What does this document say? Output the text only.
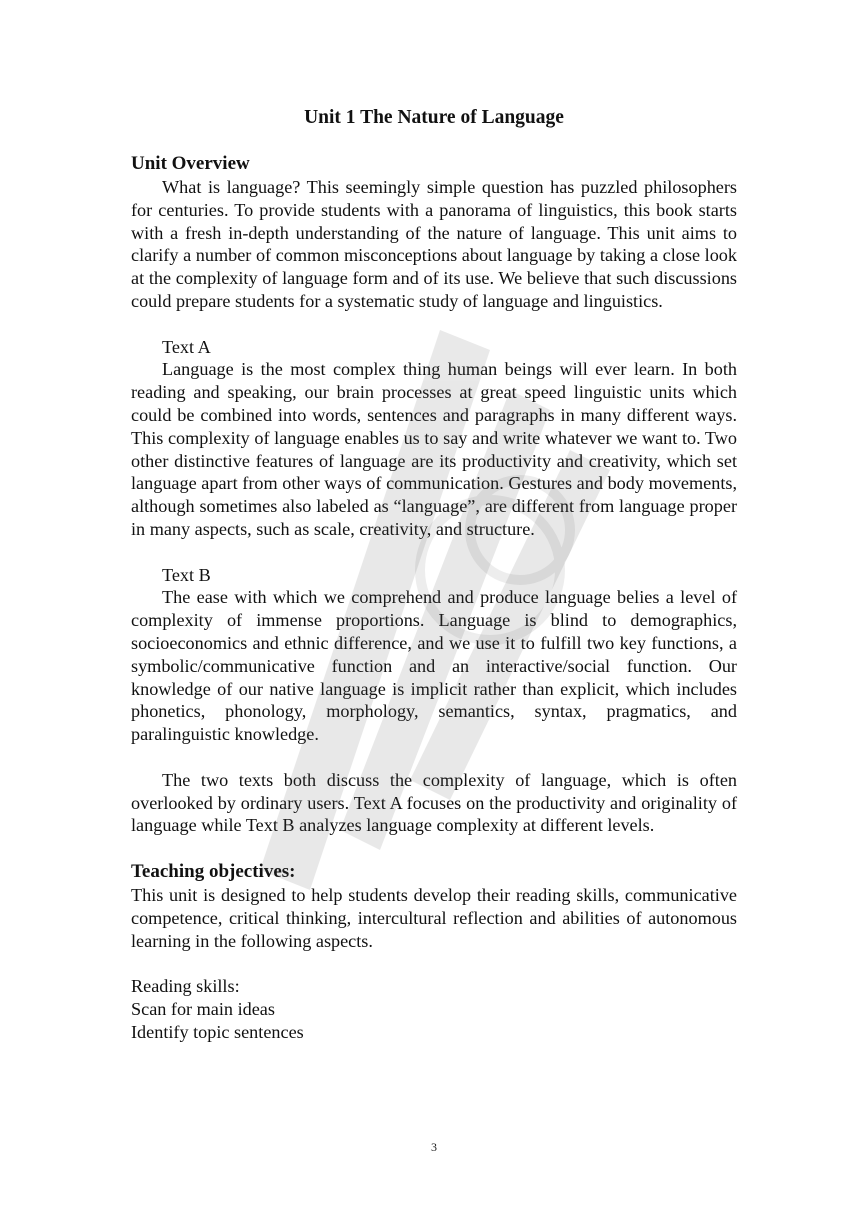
Unit 1 The Nature of Language
Unit Overview

What is language? This seemingly simple question has puzzled philosophers for centuries. To provide students with a panorama of linguistics, this book starts with a fresh in-depth understanding of the nature of language. This unit aims to clarify a number of common misconceptions about language by taking a close look at the complexity of language form and of its use. We believe that such discussions could prepare students for a systematic study of language and linguistics.

Text A

Language is the most complex thing human beings will ever learn. In both reading and speaking, our brain processes at great speed linguistic units which could be combined into words, sentences and paragraphs in many different ways. This complexity of language enables us to say and write whatever we want to. Two other distinctive features of language are its productivity and creativity, which set language apart from other ways of communication. Gestures and body movements, although sometimes also labeled as “language”, are different from language proper in many aspects, such as scale, creativity, and structure.

Text B

The ease with which we comprehend and produce language belies a level of complexity of immense proportions. Language is blind to demographics, socioeconomics and ethnic difference, and we use it to fulfill two key functions, a symbolic/communicative function and an interactive/social function. Our knowledge of our native language is implicit rather than explicit, which includes phonetics, phonology, morphology, semantics, syntax, pragmatics, and paralinguistic knowledge.

The two texts both discuss the complexity of language, which is often overlooked by ordinary users. Text A focuses on the productivity and originality of language while Text B analyzes language complexity at different levels.

Teaching objectives:

This unit is designed to help students develop their reading skills, communicative competence, critical thinking, intercultural reflection and abilities of autonomous learning in the following aspects.

Reading skills:

Scan for main ideas

Identify topic sentences

3
